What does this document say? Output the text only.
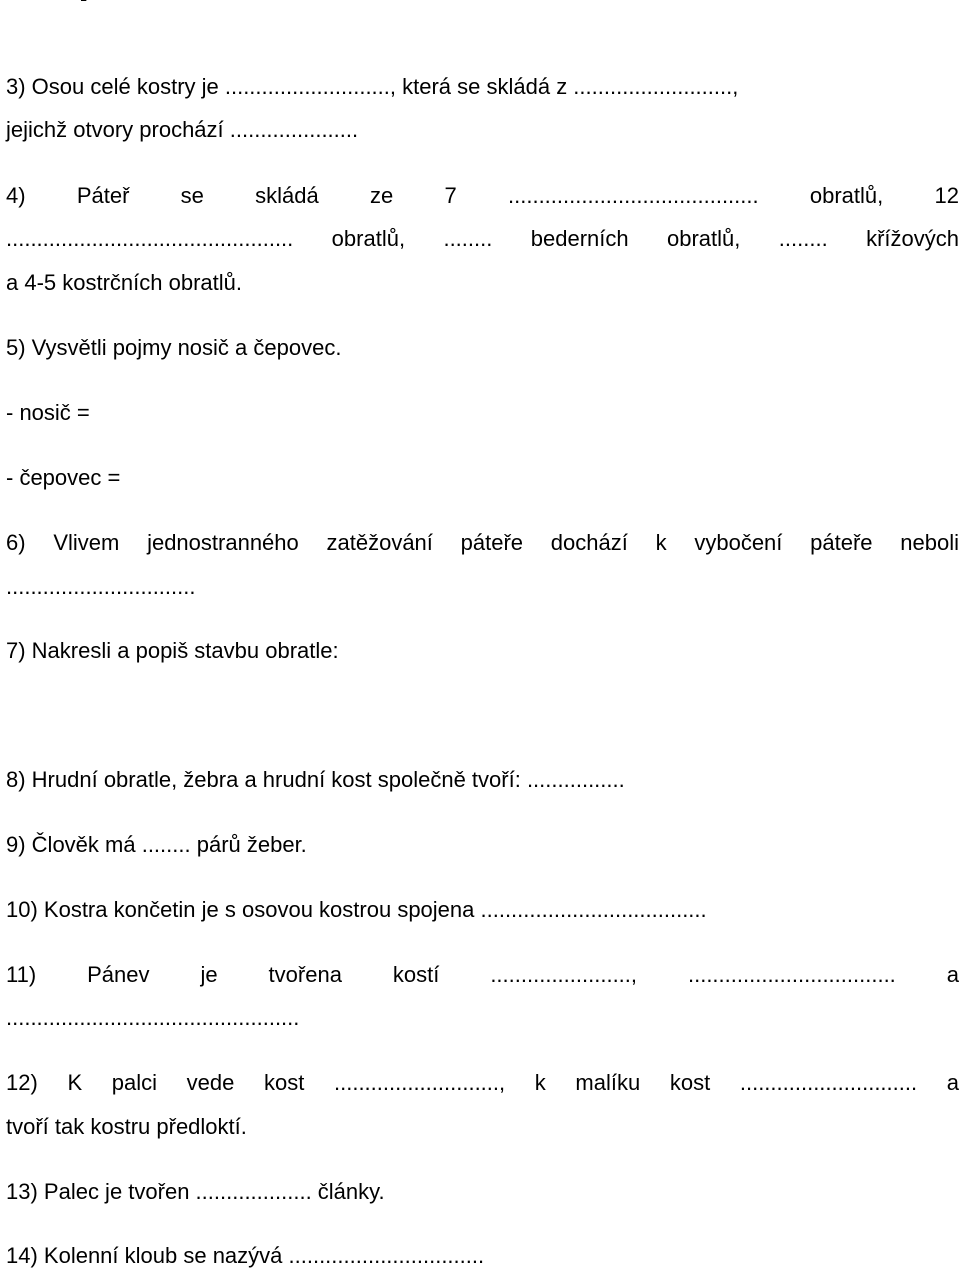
3) Osou celé kostry je ..........................., která se skládá z ..........................,
jejichž otvory prochází .....................
4) Páteř se skládá ze 7 ......................................... obratlů, 12
............................................... obratlů, ........ bederních obratlů, ........ křížových
a 4-5 kostrčních obratlů.
5) Vysvětli pojmy nosič a čepovec.
- nosič =
- čepovec =
6) Vlivem jednostranného zatěžování páteře dochází k vybočení páteře neboli
...............................
7) Nakresli a popiš stavbu obratle:
8) Hrudní obratle, žebra a hrudní kost společně tvoří: ................
9) Člověk má ........ párů žeber.
10) Kostra končetin je s osovou kostrou spojena .....................................
11) Pánev je tvořena kostí ......................., .................................. a
................................................
12) K palci vede kost ..........................., k malíku kost ............................. a
tvoří tak kostru předloktí.
13) Palec je tvořen ................... články.
14) Kolenní kloub se nazývá ................................
